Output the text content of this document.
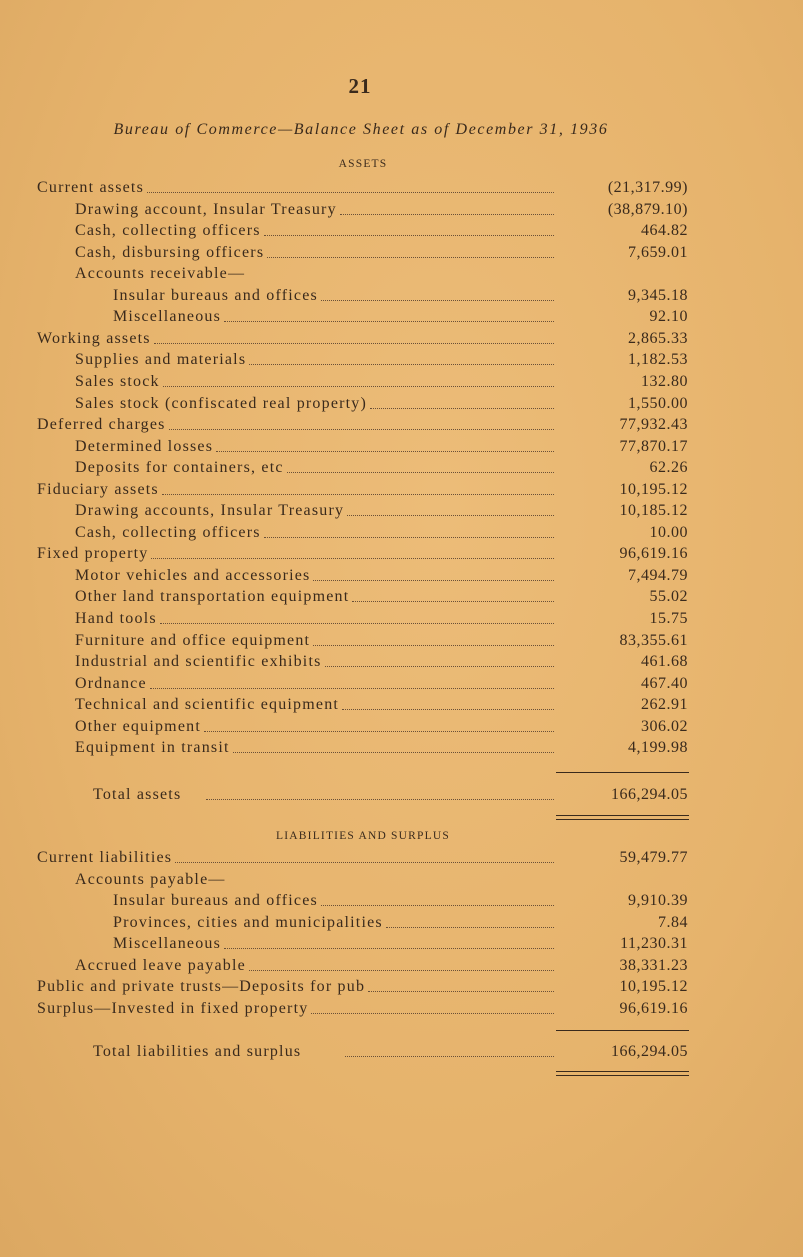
21
Bureau of Commerce—Balance Sheet as of December 31, 1936
ASSETS
Current assets	(21,317.99)
Drawing account, Insular Treasury	(38,879.10)
Cash, collecting officers	464.82
Cash, disbursing officers	7,659.01
Accounts receivable—
Insular bureaus and offices	9,345.18
Miscellaneous	92.10
Working assets	2,865.33
Supplies and materials	1,182.53
Sales stock	132.80
Sales stock (confiscated real property)	1,550.00
Deferred charges	77,932.43
Determined losses	77,870.17
Deposits for containers, etc	62.26
Fiduciary assets	10,195.12
Drawing accounts, Insular Treasury	10,185.12
Cash, collecting officers	10.00
Fixed property	96,619.16
Motor vehicles and accessories	7,494.79
Other land transportation equipment	55.02
Hand tools	15.75
Furniture and office equipment	83,355.61
Industrial and scientific exhibits	461.68
Ordnance	467.40
Technical and scientific equipment	262.91
Other equipment	306.02
Equipment in transit	4,199.98
Total assets	166,294.05
LIABILITIES AND SURPLUS
Current liabilities	59,479.77
Accounts payable—
Insular bureaus and offices	9,910.39
Provinces, cities and municipalities	7.84
Miscellaneous	11,230.31
Accrued leave payable	38,331.23
Public and private trusts—Deposits for pub	10,195.12
Surplus—Invested in fixed property	96,619.16
Total liabilities and surplus	166,294.05
